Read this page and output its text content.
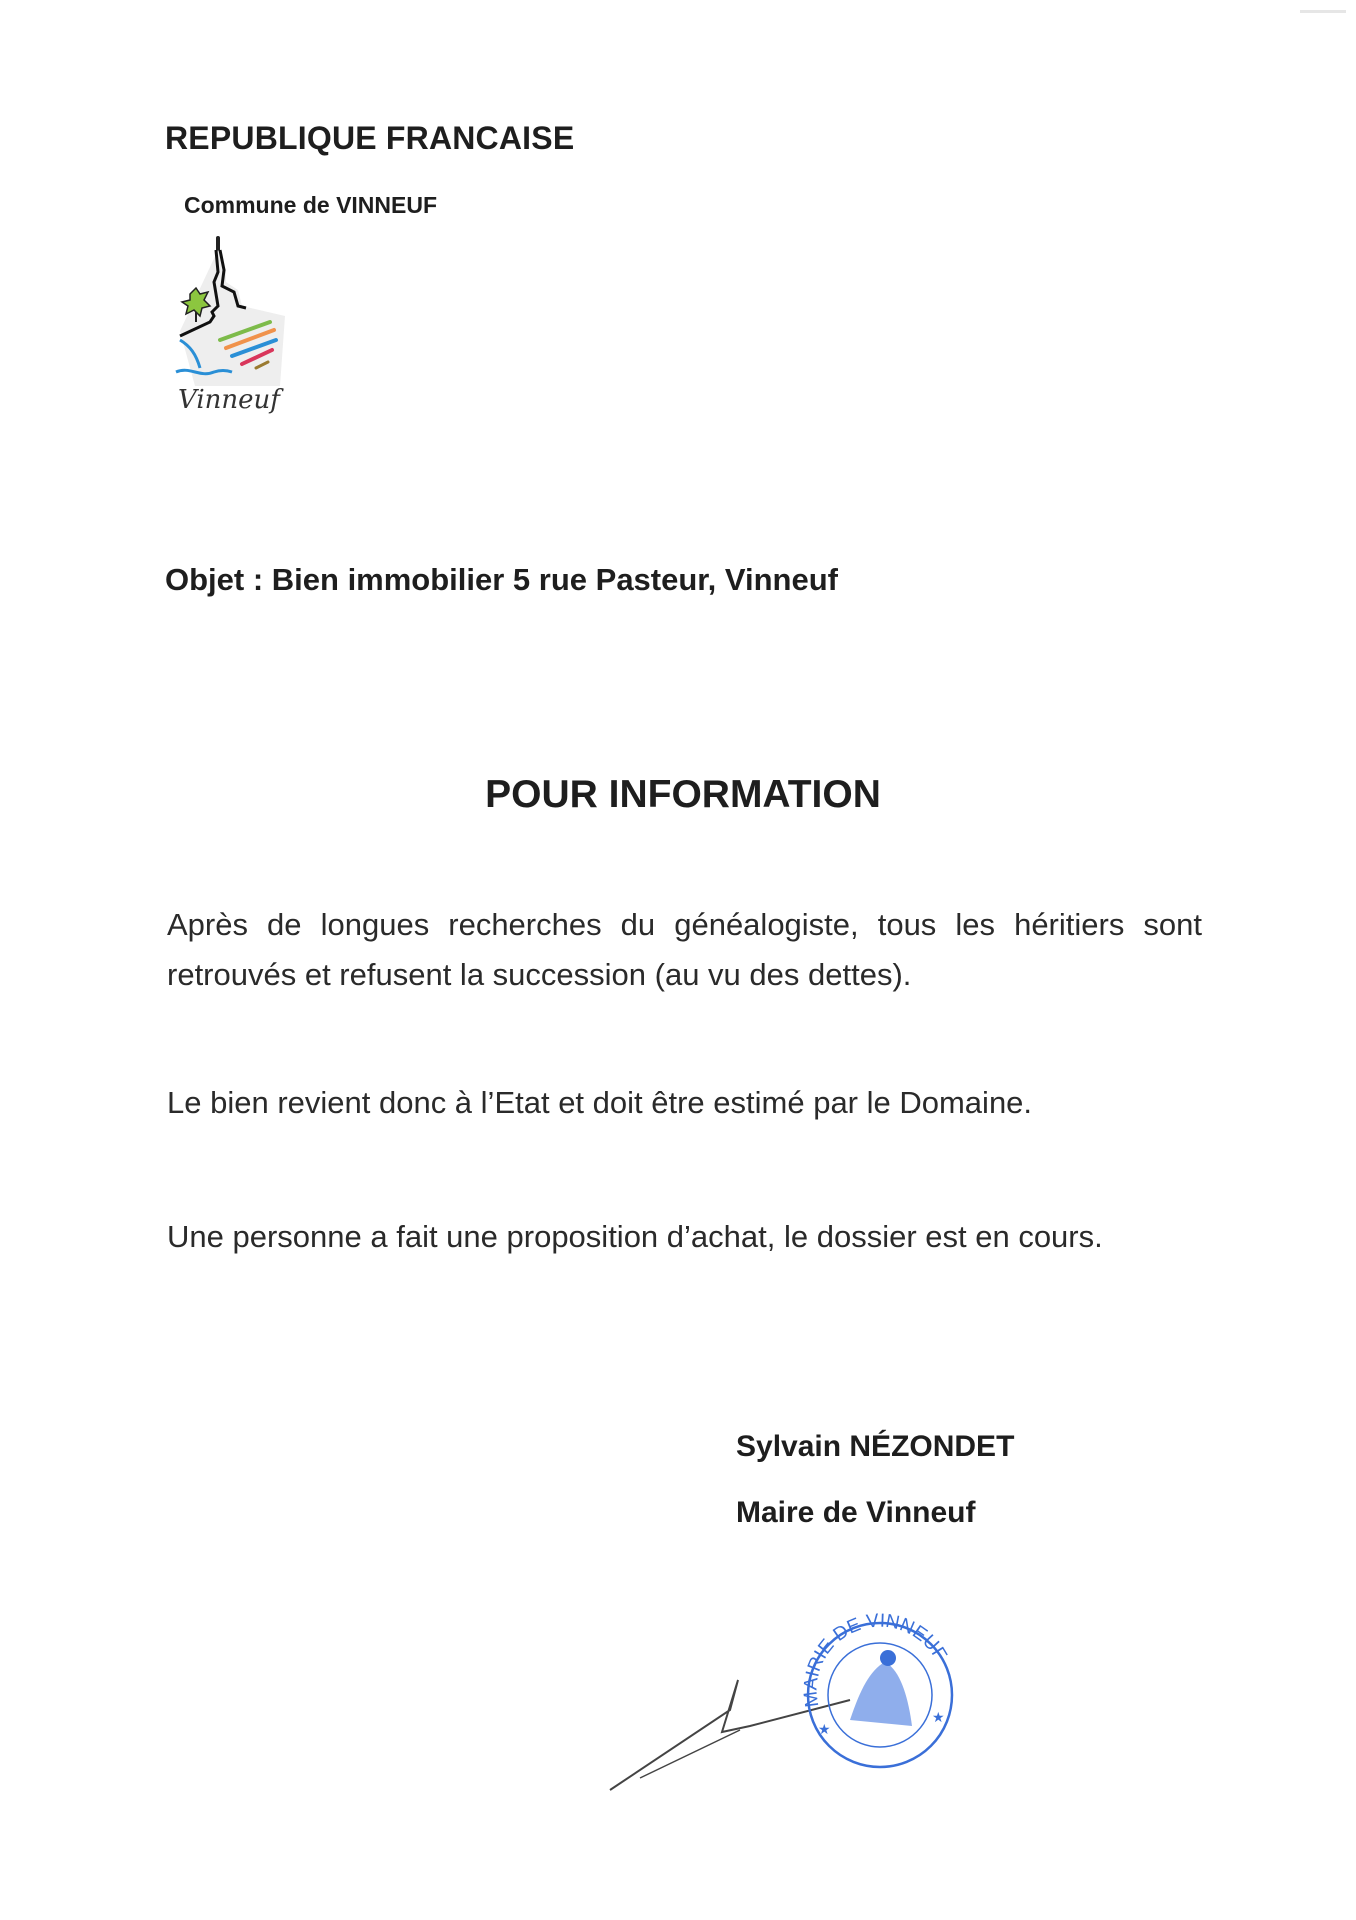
REPUBLIQUE FRANCAISE
Commune de VINNEUF
Vinneuf
Objet : Bien immobilier 5 rue Pasteur, Vinneuf
POUR INFORMATION
Après de longues recherches du généalogiste, tous les héritiers sont retrouvés et refusent la succession (au vu des dettes).
Le bien revient donc à l’Etat et doit être estimé par le Domaine.
Une personne a fait une proposition d’achat, le dossier est en cours.
Sylvain NÉZONDET
Maire de Vinneuf
MAIRIE DE VINNEUF
★
★
